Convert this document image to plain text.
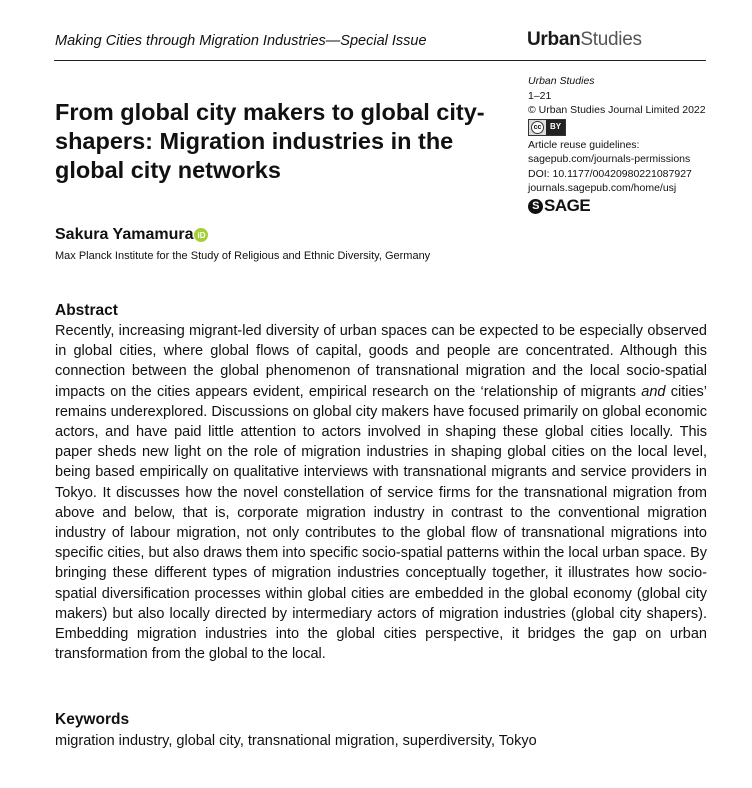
Making Cities through Migration Industries—Special Issue	UrbanStudies
Urban Studies
1–21
© Urban Studies Journal Limited 2022
cc	BY
Article reuse guidelines:
sagepub.com/journals-permissions
DOI: 10.1177/00420980221087927
journals.sagepub.com/home/usj
S SAGE
From global city makers to global city-shapers: Migration industries in the global city networks
Sakura Yamamura iD
Max Planck Institute for the Study of Religious and Ethnic Diversity, Germany
Abstract

Recently, increasing migrant-led diversity of urban spaces can be expected to be especially observed in global cities, where global flows of capital, goods and people are concentrated. Although this connection between the global phenomenon of transnational migration and the local socio-spatial impacts on the cities appears evident, empirical research on the ‘relationship of migrants and cities’ remains underexplored. Discussions on global city makers have focused primarily on global economic actors, and have paid little attention to actors involved in shaping these global cities locally. This paper sheds new light on the role of migration industries in shaping global cities on the local level, being based empirically on qualitative interviews with transnational migrants and service providers in Tokyo. It discusses how the novel constellation of service firms for the transnational migration from above and below, that is, corporate migration industry in contrast to the conventional migration industry of labour migration, not only contributes to the global flow of transnational migrations into specific cities, but also draws them into specific socio-spatial patterns within the local urban space. By bringing these different types of migration industries conceptually together, it illustrates how socio-spatial diversification processes within global cities are embedded in the global economy (global city makers) but also locally directed by intermediary actors of migration industries (global city shapers). Embedding migration industries into the global cities perspective, it bridges the gap on urban transformation from the global to the local.

Keywords
migration industry, global city, transnational migration, superdiversity, Tokyo
